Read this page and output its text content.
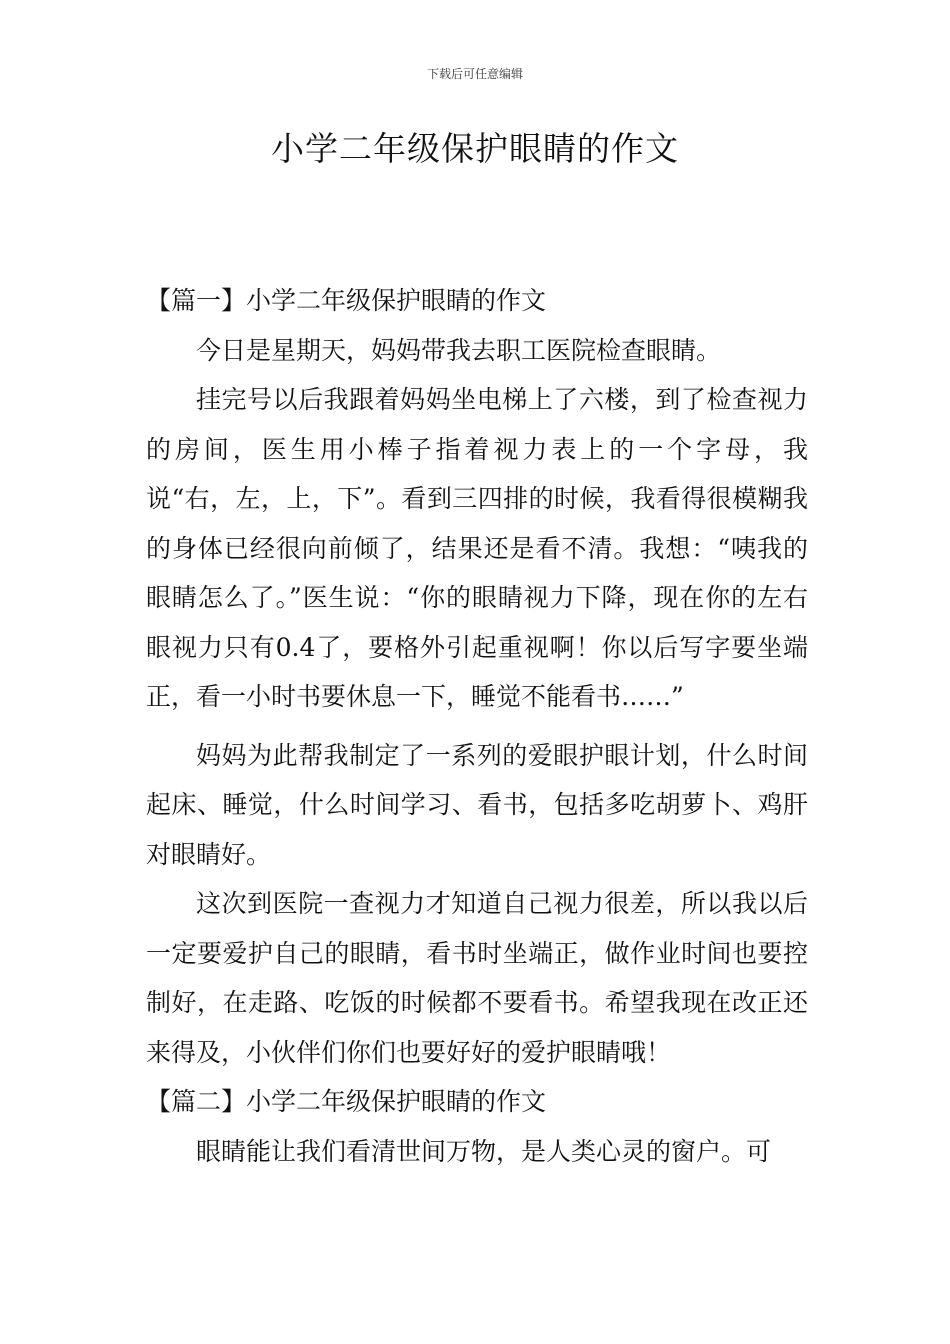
下载后可任意编辑
小学二年级保护眼睛的作文

【篇一】小学二年级保护眼睛的作文

今日是星期天，妈妈带我去职工医院检查眼睛。

挂完号以后我跟着妈妈坐电梯上了六楼，到了检查视力的房间，医生用小棒子指着视力表上的一个字母，我说“右，左，上，下”。看到三四排的时候，我看得很模糊我的身体已经很向前倾了，结果还是看不清。我想：“咦我的眼睛怎么了。”医生说：“你的眼睛视力下降，现在你的左右眼视力只有0.4了，要格外引起重视啊！你以后写字要坐端正，看一小时书要休息一下，睡觉不能看书……”

妈妈为此帮我制定了一系列的爱眼护眼计划，什么时间起床、睡觉，什么时间学习、看书，包括多吃胡萝卜、鸡肝对眼睛好。

这次到医院一查视力才知道自己视力很差，所以我以后一定要爱护自己的眼睛，看书时坐端正，做作业时间也要控制好，在走路、吃饭的时候都不要看书。希望我现在改正还来得及，小伙伴们你们也要好好的爱护眼睛哦！

【篇二】小学二年级保护眼睛的作文

眼睛能让我们看清世间万物，是人类心灵的窗户。可
